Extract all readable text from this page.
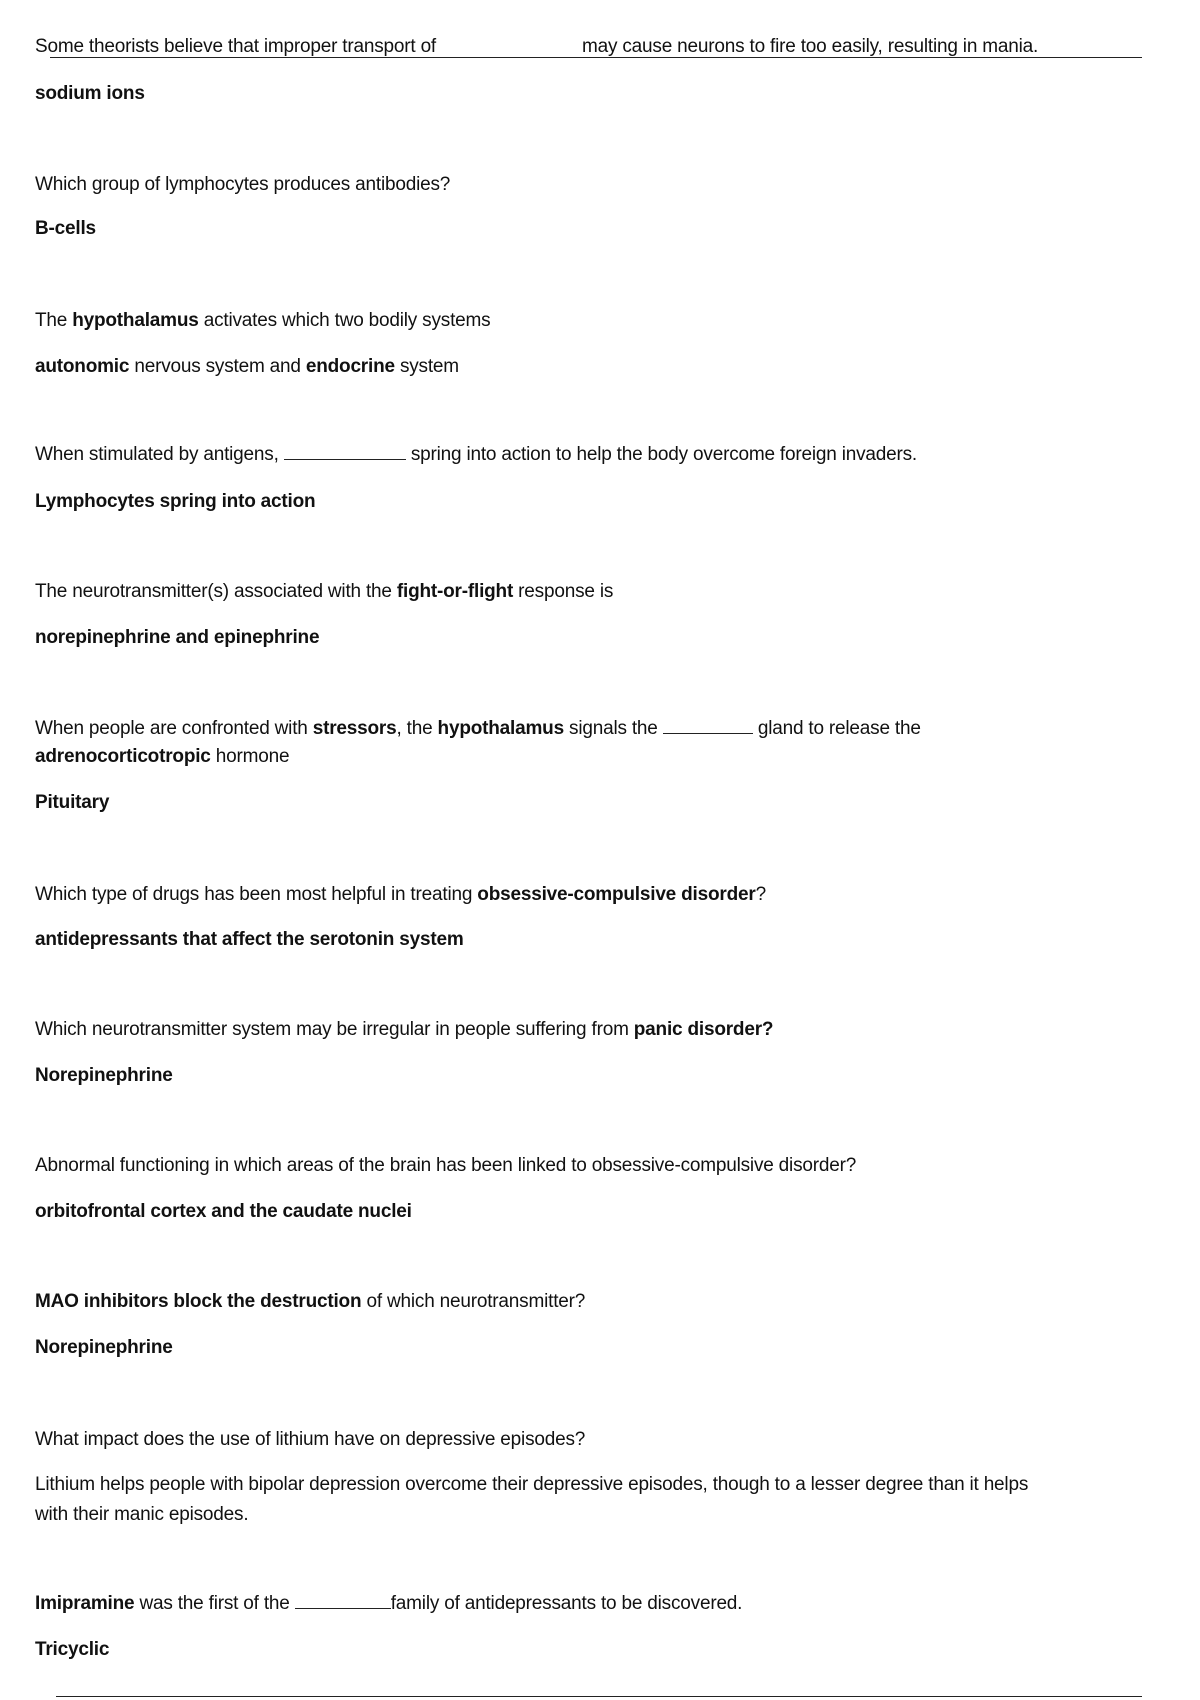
Some theorists believe that improper transport of	may cause neurons to fire too easily, resulting in mania.
sodium ions
Which group of lymphocytes produces antibodies?
B-cells
The hypothalamus activates which two bodily systems
autonomic nervous system and endocrine system
When stimulated by antigens,	spring into action to help the body overcome foreign invaders.
Lymphocytes spring into action
The neurotransmitter(s) associated with the fight-or-flight response is
norepinephrine and epinephrine
When people are confronted with stressors, the hypothalamus signals the	gland to release the
adrenocorticotropic hormone
Pituitary
Which type of drugs has been most helpful in treating obsessive-compulsive disorder?
antidepressants that affect the serotonin system
Which neurotransmitter system may be irregular in people suffering from panic disorder?
Norepinephrine
Abnormal functioning in which areas of the brain has been linked to obsessive-compulsive disorder?
orbitofrontal cortex and the caudate nuclei
MAO inhibitors block the destruction of which neurotransmitter?
Norepinephrine
What impact does the use of lithium have on depressive episodes?
Lithium helps people with bipolar depression overcome their depressive episodes, though to a lesser degree than it helps
with their manic episodes.
Imipramine was the first of the	family of antidepressants to be discovered.
Tricyclic
